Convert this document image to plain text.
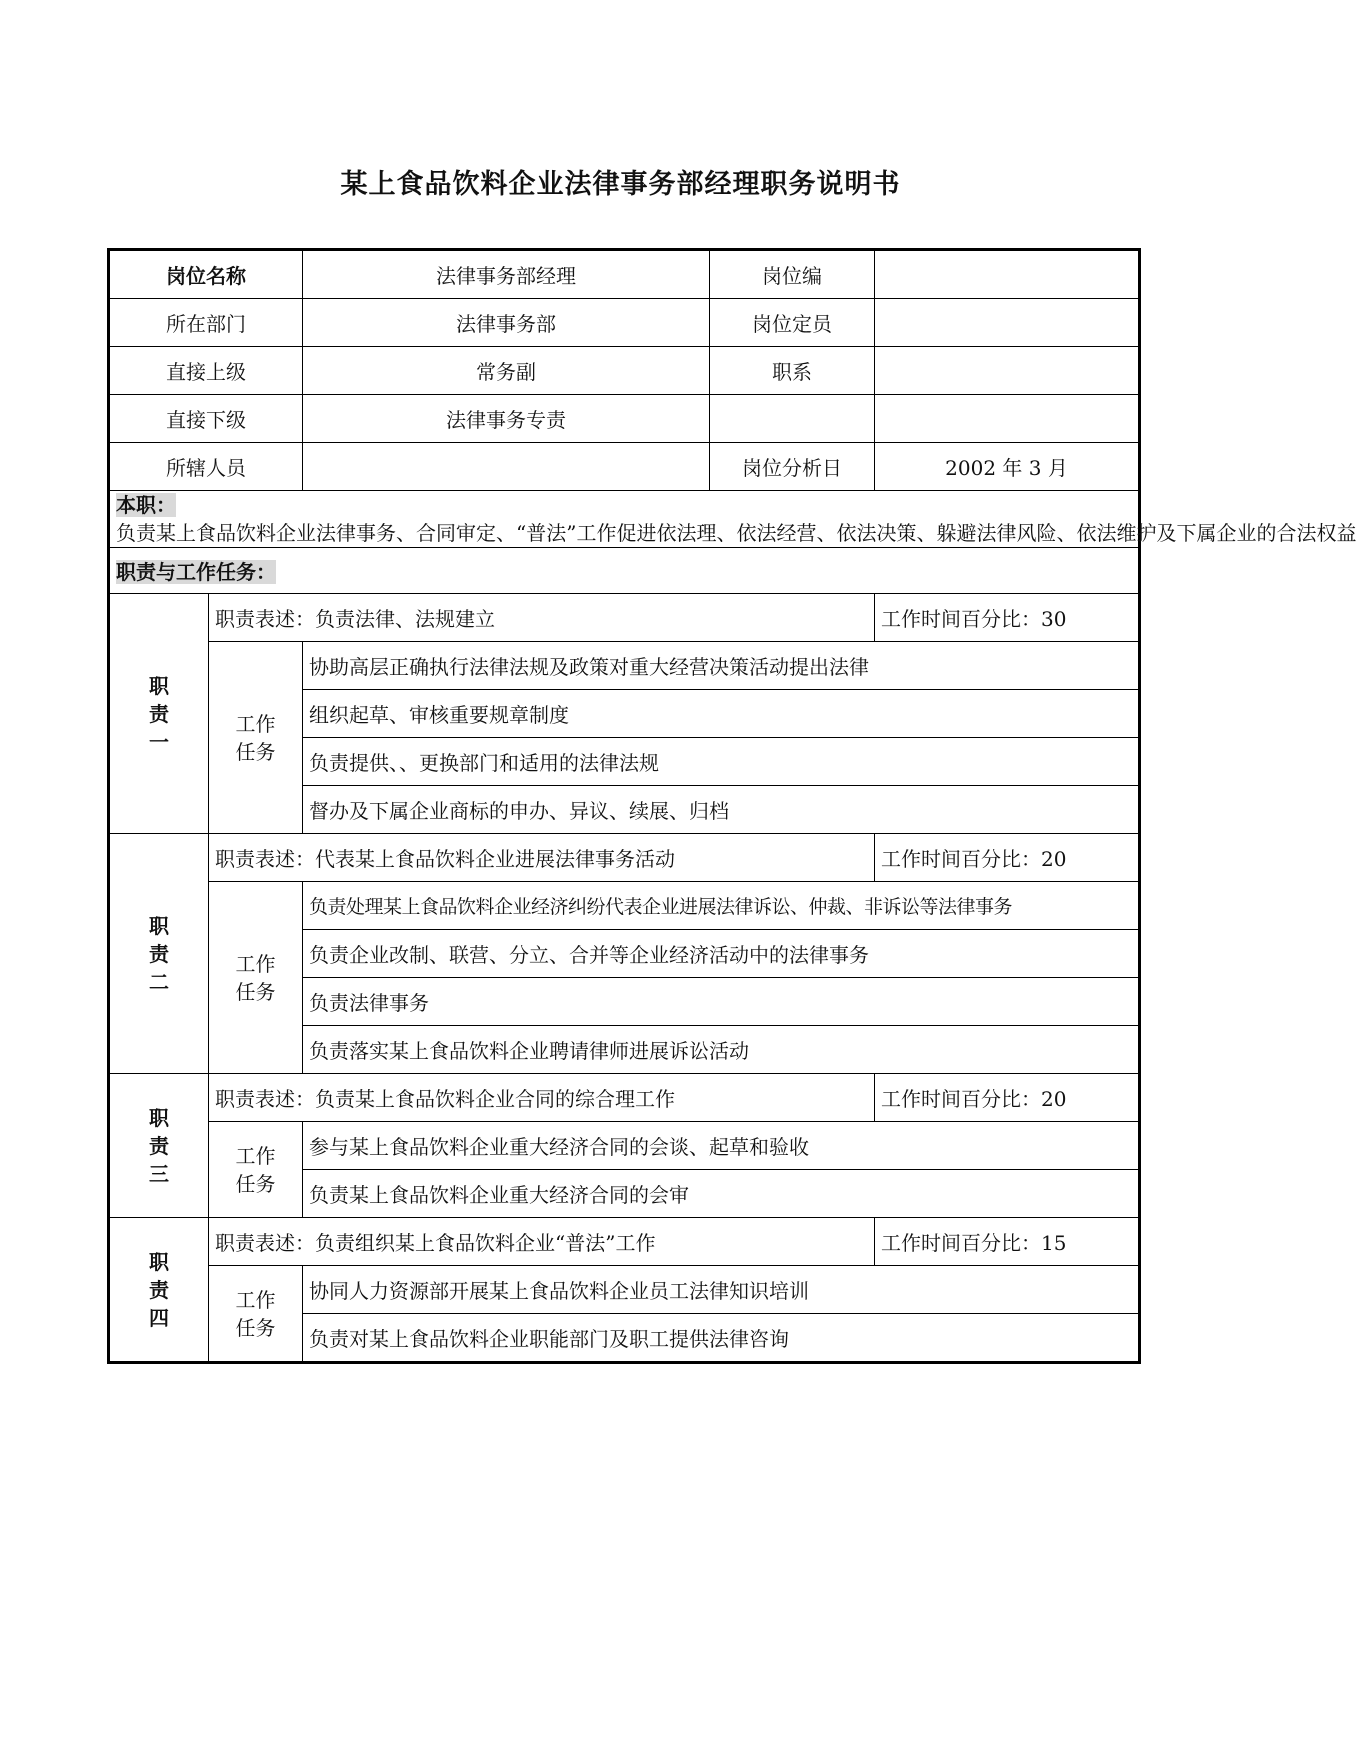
某上食品饮料企业法律事务部经理职务说明书
岗位名称		法律事务部经理	岗位编	
所在部门		法律事务部	岗位定员	
直接上级		常务副	职系	
直接下级		法律事务专责		
所辖人员			岗位分析日	2002 年 3 月
本职：
负责某上食品饮料企业法律事务、合同审定、“普法”工作促进依法理、依法经营、依法决策、躲避法律风险、依法维护及下属企业的合法权益				
职责与工作任务：				
职责一	职责表述：负责法律、法规建立			工作时间百分比：30
	工作任务	协助高层正确执行法律法规及政策对重大经营决策活动提出法律		
		组织起草、审核重要规章制度		
		负责提供、、更换部门和适用的法律法规		
		督办及下属企业商标的申办、异议、续展、归档		
职责二	职责表述：代表某上食品饮料企业进展法律事务活动			工作时间百分比：20
	工作任务	负责处理某上食品饮料企业经济纠纷代表企业进展法律诉讼、仲裁、非诉讼等法律事务		
		负责企业改制、联营、分立、合并等企业经济活动中的法律事务		
		负责法律事务		
		负责落实某上食品饮料企业聘请律师进展诉讼活动		
职责三	职责表述：负责某上食品饮料企业合同的综合理工作			工作时间百分比：20
	工作任务	参与某上食品饮料企业重大经济合同的会谈、起草和验收		
		负责某上食品饮料企业重大经济合同的会审		
职责四	职责表述：负责组织某上食品饮料企业“普法”工作			工作时间百分比：15
	工作任务	协同人力资源部开展某上食品饮料企业员工法律知识培训		
		负责对某上食品饮料企业职能部门及职工提供法律咨询		
